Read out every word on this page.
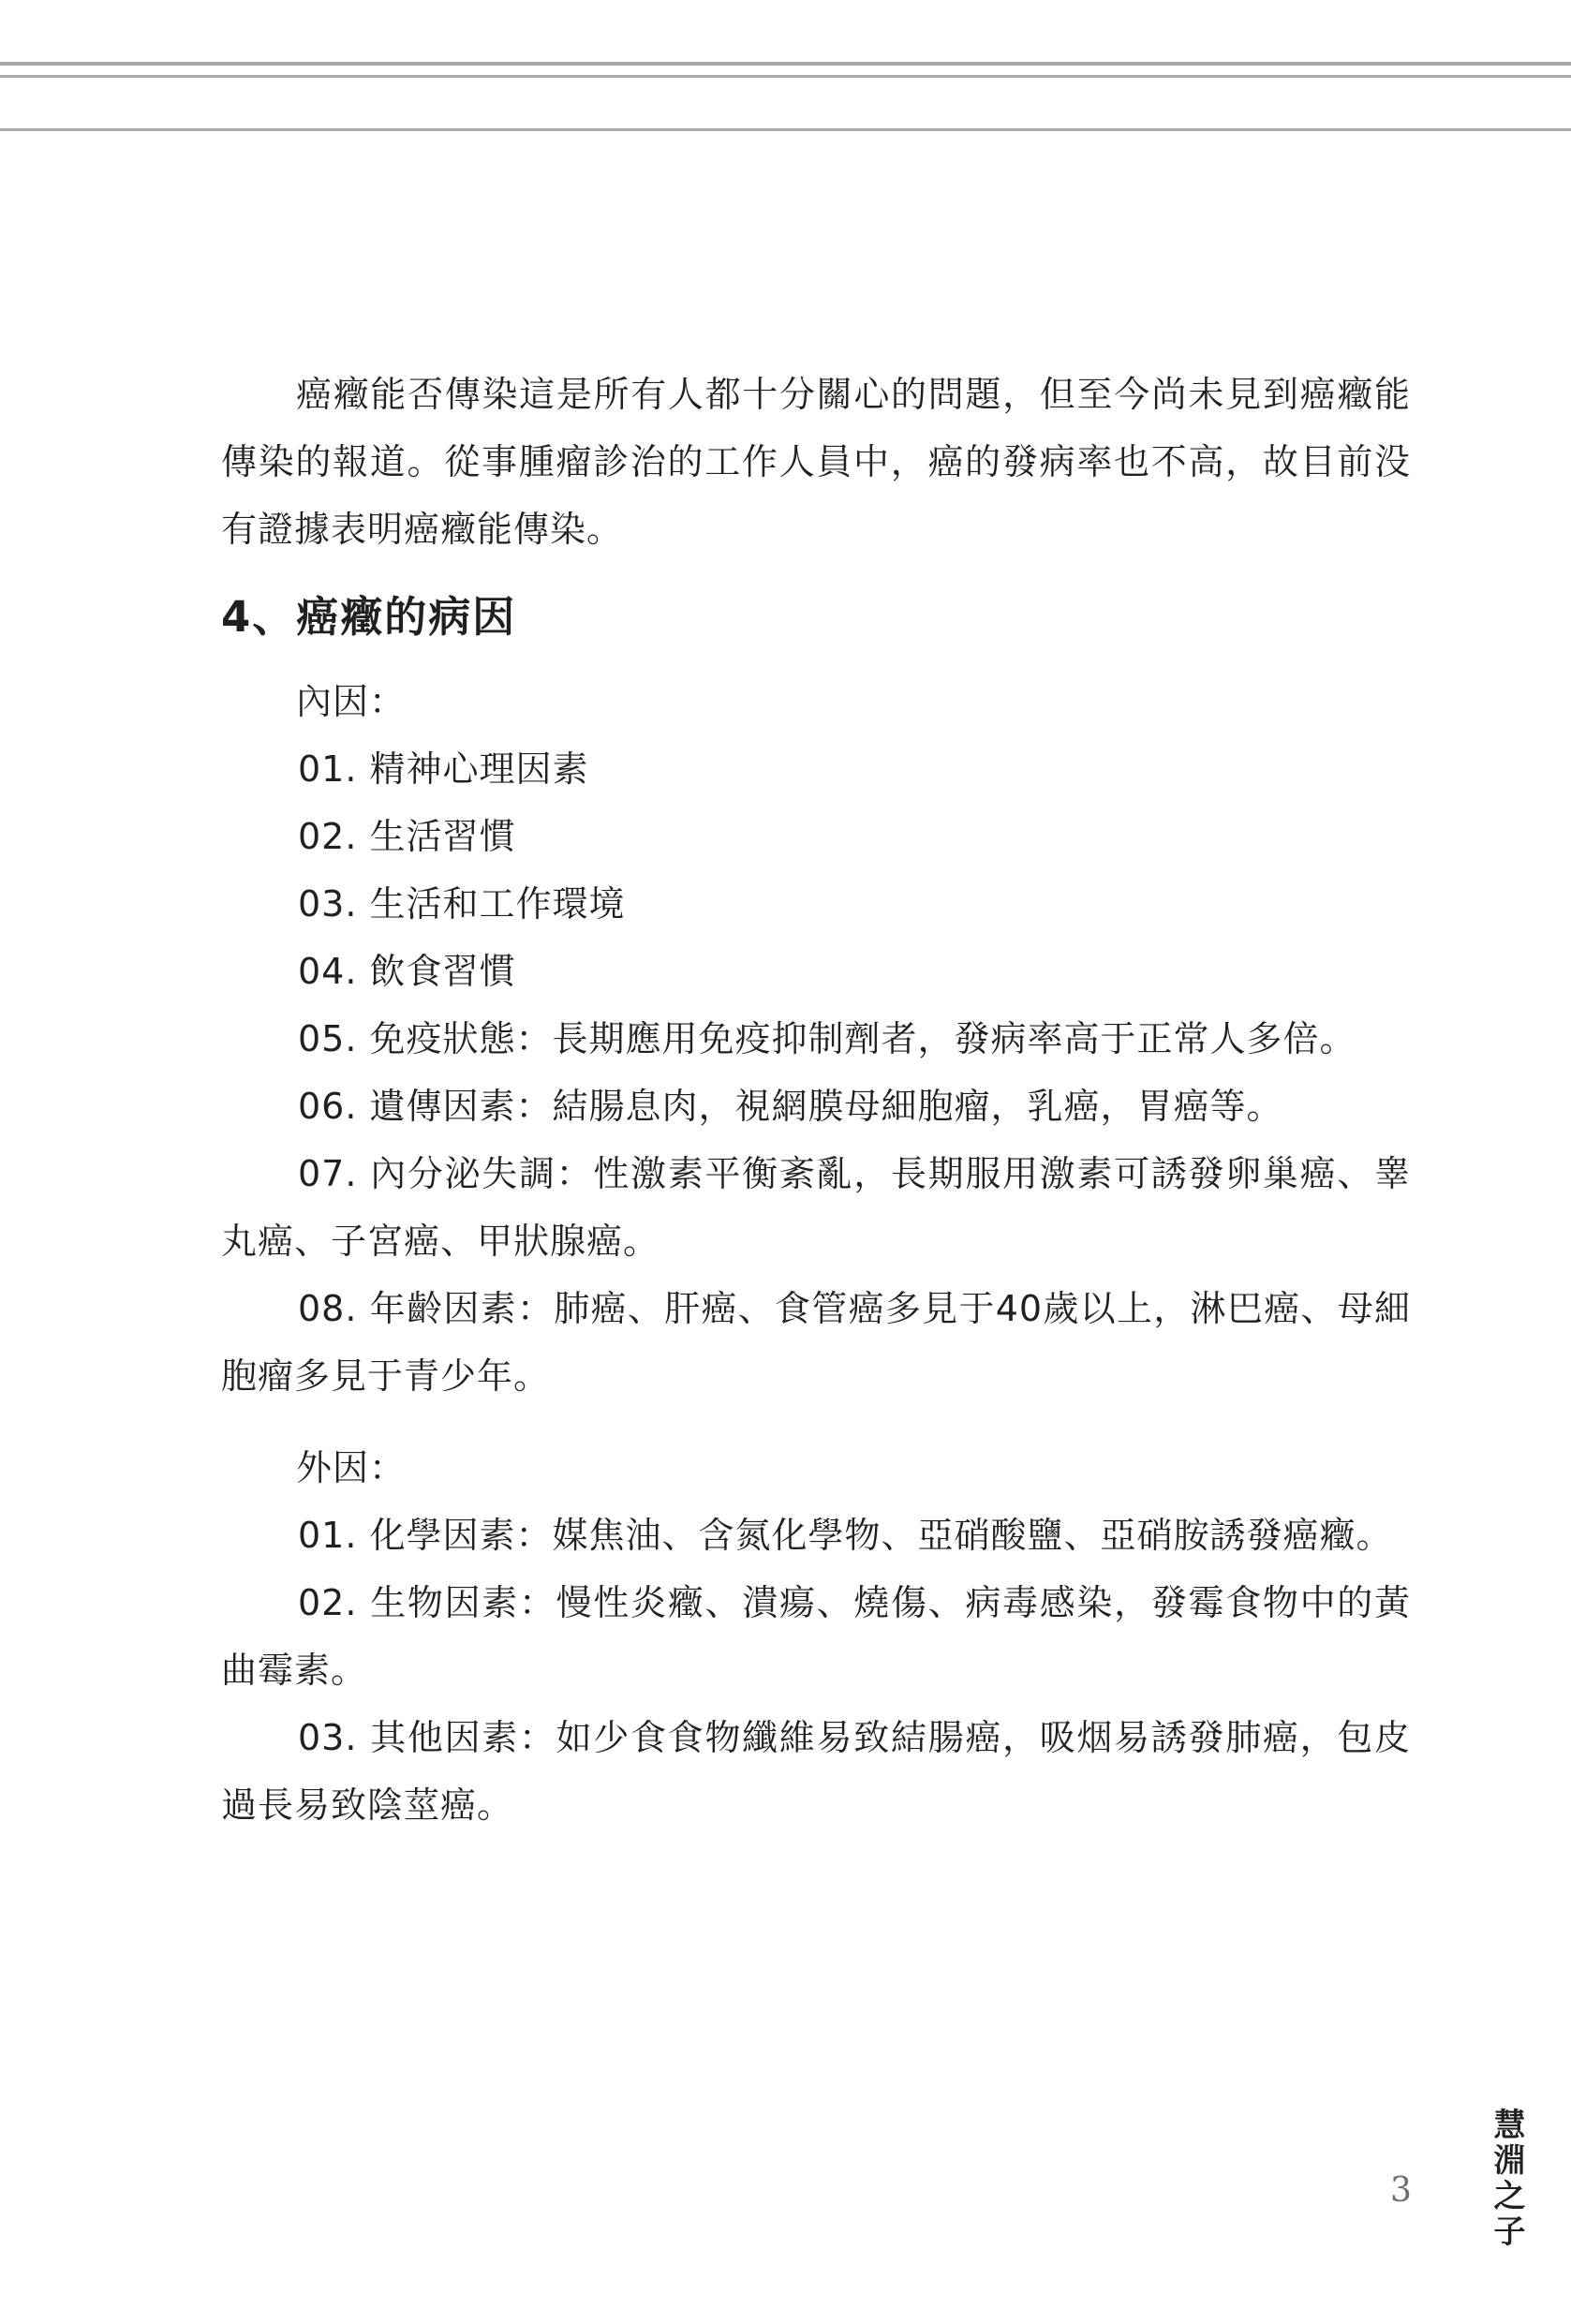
癌癥能否傳染這是所有人都十分關心的問題，但至今尚未見到癌癥能傳染的報道。從事腫瘤診治的工作人員中，癌的發病率也不高，故目前没有證據表明癌癥能傳染。

4、癌癥的病因

內因：

01. 精神心理因素

02. 生活習慣

03. 生活和工作環境

04. 飲食習慣

05. 免疫狀態：長期應用免疫抑制劑者，發病率高于正常人多倍。

06. 遺傳因素：結腸息肉，視網膜母細胞瘤，乳癌，胃癌等。

07. 內分泌失調：性激素平衡紊亂，長期服用激素可誘發卵巢癌、睾丸癌、子宮癌、甲狀腺癌。

08. 年齡因素：肺癌、肝癌、食管癌多見于40歲以上，淋巴癌、母細胞瘤多見于青少年。

外因：

01. 化學因素：媒焦油、含氮化學物、亞硝酸鹽、亞硝胺誘發癌癥。

02. 生物因素：慢性炎癥、潰瘍、燒傷、病毒感染，發霉食物中的黃曲霉素。

03. 其他因素：如少食食物纖維易致結腸癌，吸烟易誘發肺癌，包皮過長易致陰莖癌。

3 慧淵之子
